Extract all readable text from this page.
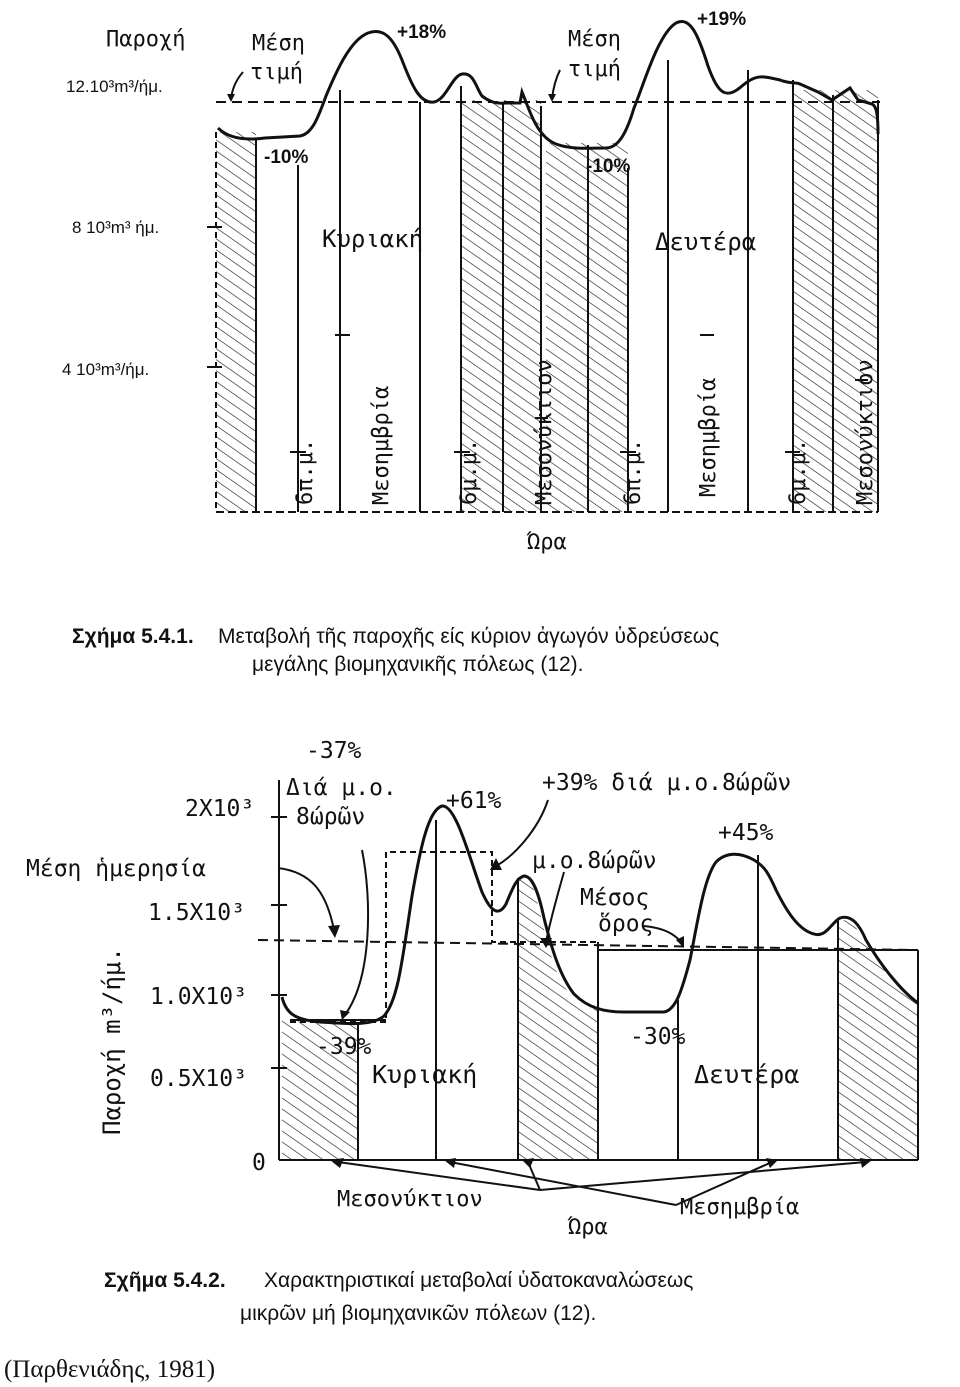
Παροχή
12.10³m³/ήμ.
8 10³m³ ήμ.
4 10³m³/ήμ.
Μέση
τιμή
Μέση
τιμή
-10%
+18%
-10%
+19%
Κυριακή	Δευτέρα
6π.μ. Μεσημβρία	6μ.μ. Μεσονύκτιον	6π.μ. Μεσημβρία	6μ.μ. Μεσονύκτιον
Ώρα
Σχήμα 5.4.1. Μεταβολή τῆς παροχῆς είς κύριον ἀγωγόν ὑδρεύσεως
μεγάλης βιομηχανικῆς πόλεως (12).
2X10³
1.5X10³
1.0X10³
0.5X10³
0
Παροχή m³/ήμ.
Μέση ἡμερησία
-37%
Διά μ.ο.
8ώρῶν
+61%
+39% διά μ.ο.8ώρῶν
+45%
μ.ο.8ώρῶν
Μέσος
ὅρος
-39%	-30%
Κυριακή	Δευτέρα
Μεσονύκτιον	Μεσημβρία
Ώρα
Σχῆμα 5.4.2. Χαρακτηριστικαί μεταβολαί ὑδατοκαναλώσεως
μικρῶν μή βιομηχανικῶν πόλεων (12).
(Παρθενιάδης, 1981)
